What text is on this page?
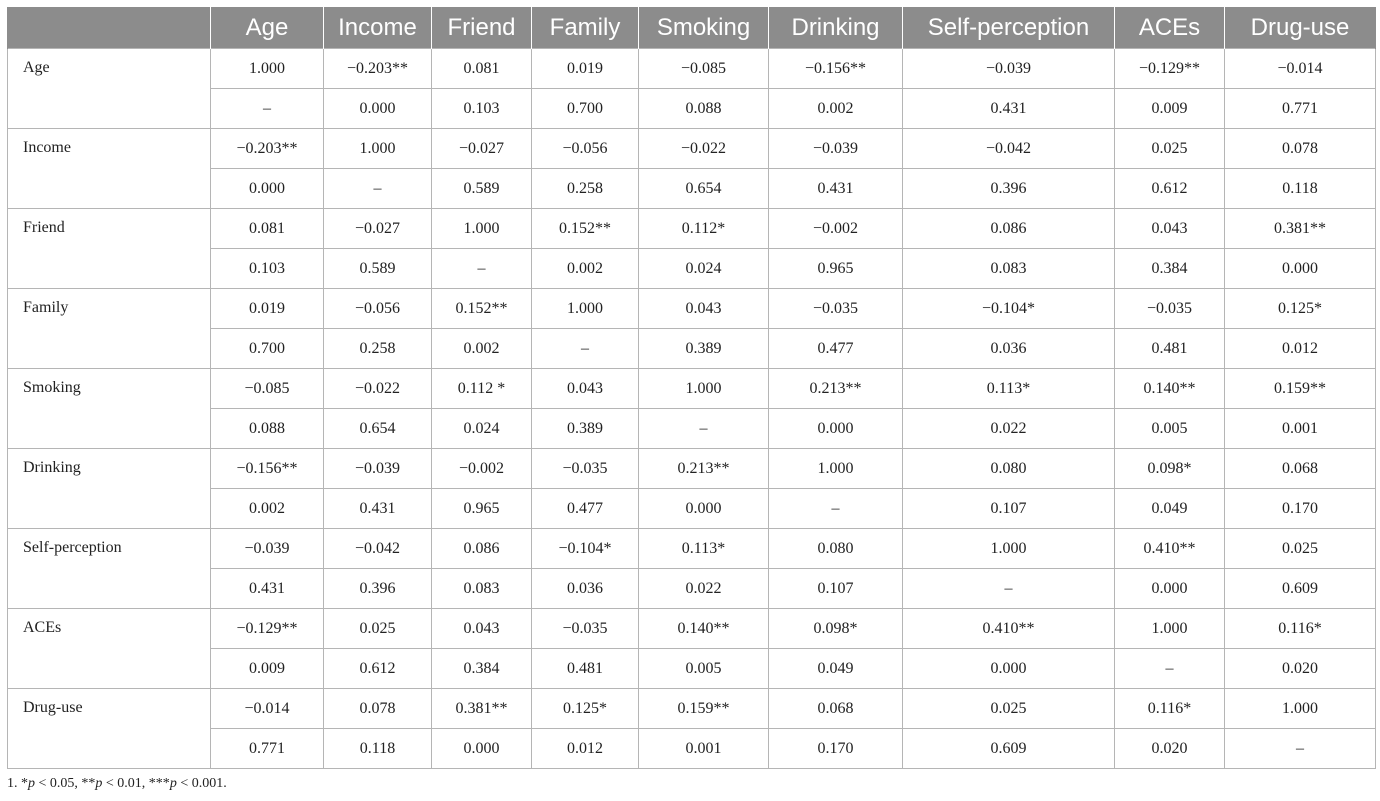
	Age	Income	Friend	Family	Smoking	Drinking	Self-perception	ACEs	Drug-use
Age	1.000	−0.203**	0.081	0.019	−0.085	−0.156**	−0.039	−0.129**	−0.014
	–	0.000	0.103	0.700	0.088	0.002	0.431	0.009	0.771
Income	−0.203**	1.000	−0.027	−0.056	−0.022	−0.039	−0.042	0.025	0.078
	0.000	–	0.589	0.258	0.654	0.431	0.396	0.612	0.118
Friend	0.081	−0.027	1.000	0.152**	0.112*	−0.002	0.086	0.043	0.381**
	0.103	0.589	–	0.002	0.024	0.965	0.083	0.384	0.000
Family	0.019	−0.056	0.152**	1.000	0.043	−0.035	−0.104*	−0.035	0.125*
	0.700	0.258	0.002	–	0.389	0.477	0.036	0.481	0.012
Smoking	−0.085	−0.022	0.112 *	0.043	1.000	0.213**	0.113*	0.140**	0.159**
	0.088	0.654	0.024	0.389	–	0.000	0.022	0.005	0.001
Drinking	−0.156**	−0.039	−0.002	−0.035	0.213**	1.000	0.080	0.098*	0.068
	0.002	0.431	0.965	0.477	0.000	–	0.107	0.049	0.170
Self-perception	−0.039	−0.042	0.086	−0.104*	0.113*	0.080	1.000	0.410**	0.025
	0.431	0.396	0.083	0.036	0.022	0.107	–	0.000	0.609
ACEs	−0.129**	0.025	0.043	−0.035	0.140**	0.098*	0.410**	1.000	0.116*
	0.009	0.612	0.384	0.481	0.005	0.049	0.000	–	0.020
Drug-use	−0.014	0.078	0.381**	0.125*	0.159**	0.068	0.025	0.116*	1.000
	0.771	0.118	0.000	0.012	0.001	0.170	0.609	0.020	–
1. *p < 0.05, **p < 0.01, ***p < 0.001.
